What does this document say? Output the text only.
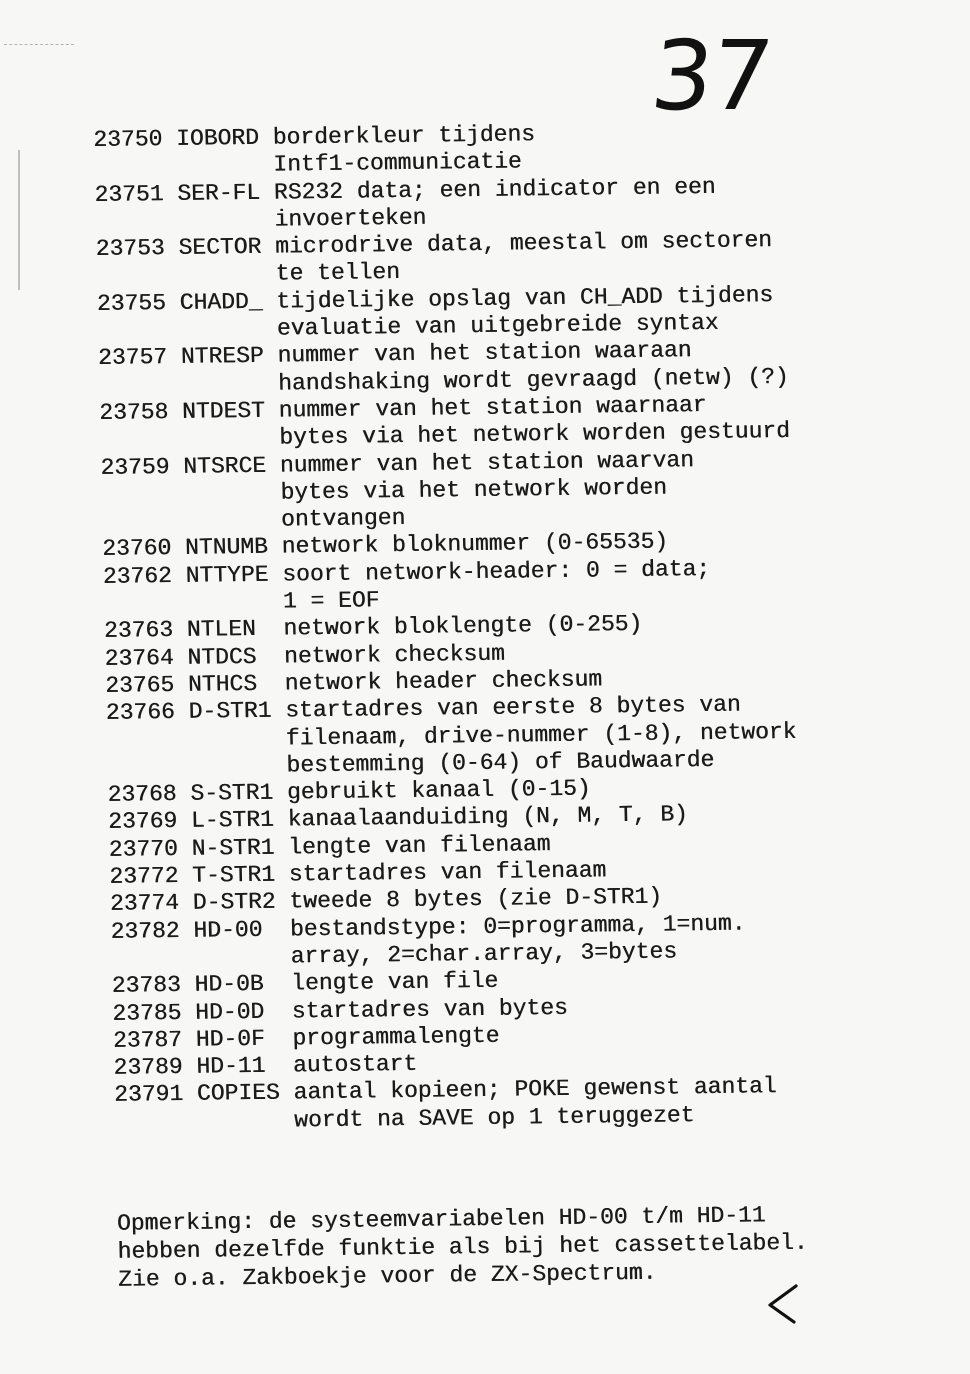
37
23750 IOBORD borderkleur tijdens
Intf1-communicatie
23751 SER-FL RS232 data; een indicator en een
invoerteken
23753 SECTOR microdrive data, meestal om sectoren
te tellen
23755 CHADD_ tijdelijke opslag van CH_ADD tijdens
evaluatie van uitgebreide syntax
23757 NTRESP nummer van het station waaraan
handshaking wordt gevraagd (netw) (?)
23758 NTDEST nummer van het station waarnaar
bytes via het network worden gestuurd
23759 NTSRCE nummer van het station waarvan
bytes via het network worden
ontvangen
23760 NTNUMB network bloknummer (0-65535)
23762 NTTYPE soort network-header: 0 = data;
1 = EOF
23763 NTLEN	network bloklengte (0-255)
23764 NTDCS	network checksum
23765 NTHCS	network header checksum
23766 D-STR1 startadres van eerste 8 bytes van
filenaam, drive-nummer (1-8), network
bestemming (0-64) of Baudwaarde
23768 S-STR1 gebruikt kanaal (0-15)
23769 L-STR1 kanaalaanduiding (N, M, T, B)
23770 N-STR1 lengte van filenaam
23772 T-STR1 startadres van filenaam
23774 D-STR2 tweede 8 bytes (zie D-STR1)
23782 HD-00	bestandstype: 0=programma, 1=num.
array, 2=char.array, 3=bytes
23783 HD-0B	lengte van file
23785 HD-0D	startadres van bytes
23787 HD-0F	programmalengte
23789 HD-11	autostart
23791 COPIES aantal kopieen; POKE gewenst aantal
wordt na SAVE op 1 teruggezet
Opmerking: de systeemvariabelen HD-00 t/m HD-11
hebben dezelfde funktie als bij het cassettelabel.
Zie o.a. Zakboekje voor de ZX-Spectrum.
